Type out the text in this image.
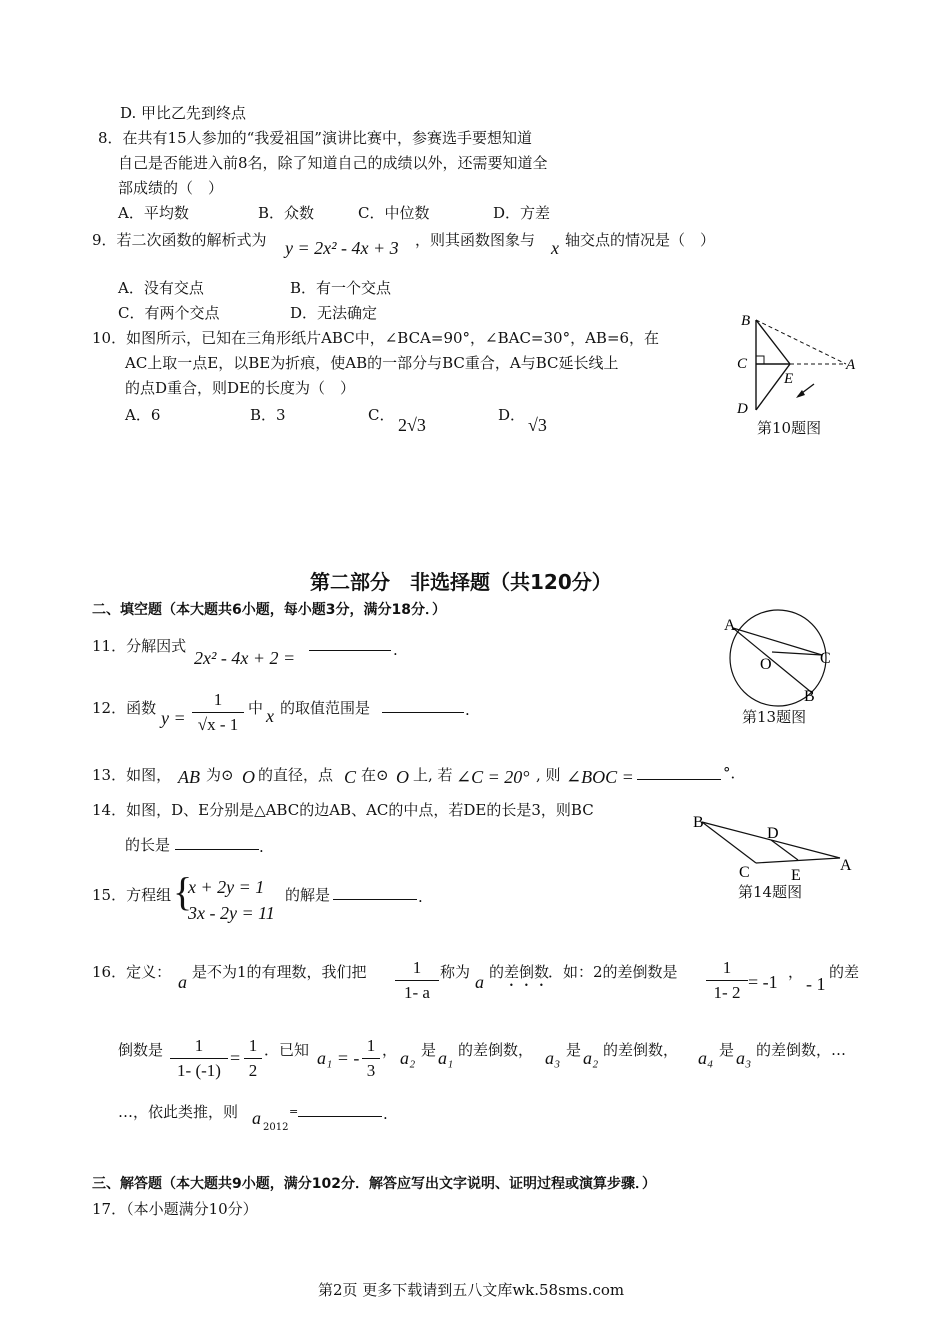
D. 甲比乙先到终点
8．在共有15人参加的“我爱祖国”演讲比赛中，参赛选手要想知道
自己是否能进入前8名，除了知道自己的成绩以外，还需要知道全
部成绩的（　）
A．平均数	B．众数	C．中位数	D．方差
9．若二次函数的解析式为 y = 2x² - 4x + 3 ，则其函数图象与 x 轴交点的情况是（　）
A．没有交点	B．有一个交点
C．有两个交点	D．无法确定
10．如图所示，已知在三角形纸片ABC中，∠BCA=90°，∠BAC=30°，AB=6，在
AC上取一点E，以BE为折痕，使AB的一部分与BC重合，A与BC延长线上
的点D重合，则DE的长度为（　）
A．6	B．3	C． 2√3	D． √3
B
C	A
E
D
第10题图
第二部分　非选择题（共120分）
二、填空题（本大题共6小题，每小题3分，满分18分．）
11．分解因式
2x² - 4x + 2 =	.
A
O	C
B
第13题图
12．函数 y =
1
√x - 1
中 x 的取值范围是	.
13．如图， AB 为⊙ O 的直径，点 C 在⊙ O 上, 若 ∠C = 20° , 则 ∠BOC =	°．
14．如图，D、E分别是△ABC的边AB、AC的中点，若DE的长是3，则BC
的长是	.
B
D
C	E
A
第14题图
15．方程组 {
x + 2y = 1
3x - 2y = 11
的解是	.
16．定义： a 是不为1的有理数，我们把	1
1- a
称为 a 的 差倒数
．如：2的差倒数是	1
1- 2
= -1 ，
- 1
的差
倒数是	1
1- (-1)
=
1
2
．已知 a₁ = -
1
3
， a₂ 是 a₁ 的差倒数， a₃ 是 a₂ 的差倒数， a₄ 是 a₃ 的差倒数，…
…，依此类推，则 a 2012
=	.
三、解答题（本大题共9小题，满分102分．解答应写出文字说明、证明过程或演算步骤．）
17．（本小题满分10分）
第2页 更多下载请到五八文库wk.58sms.com
